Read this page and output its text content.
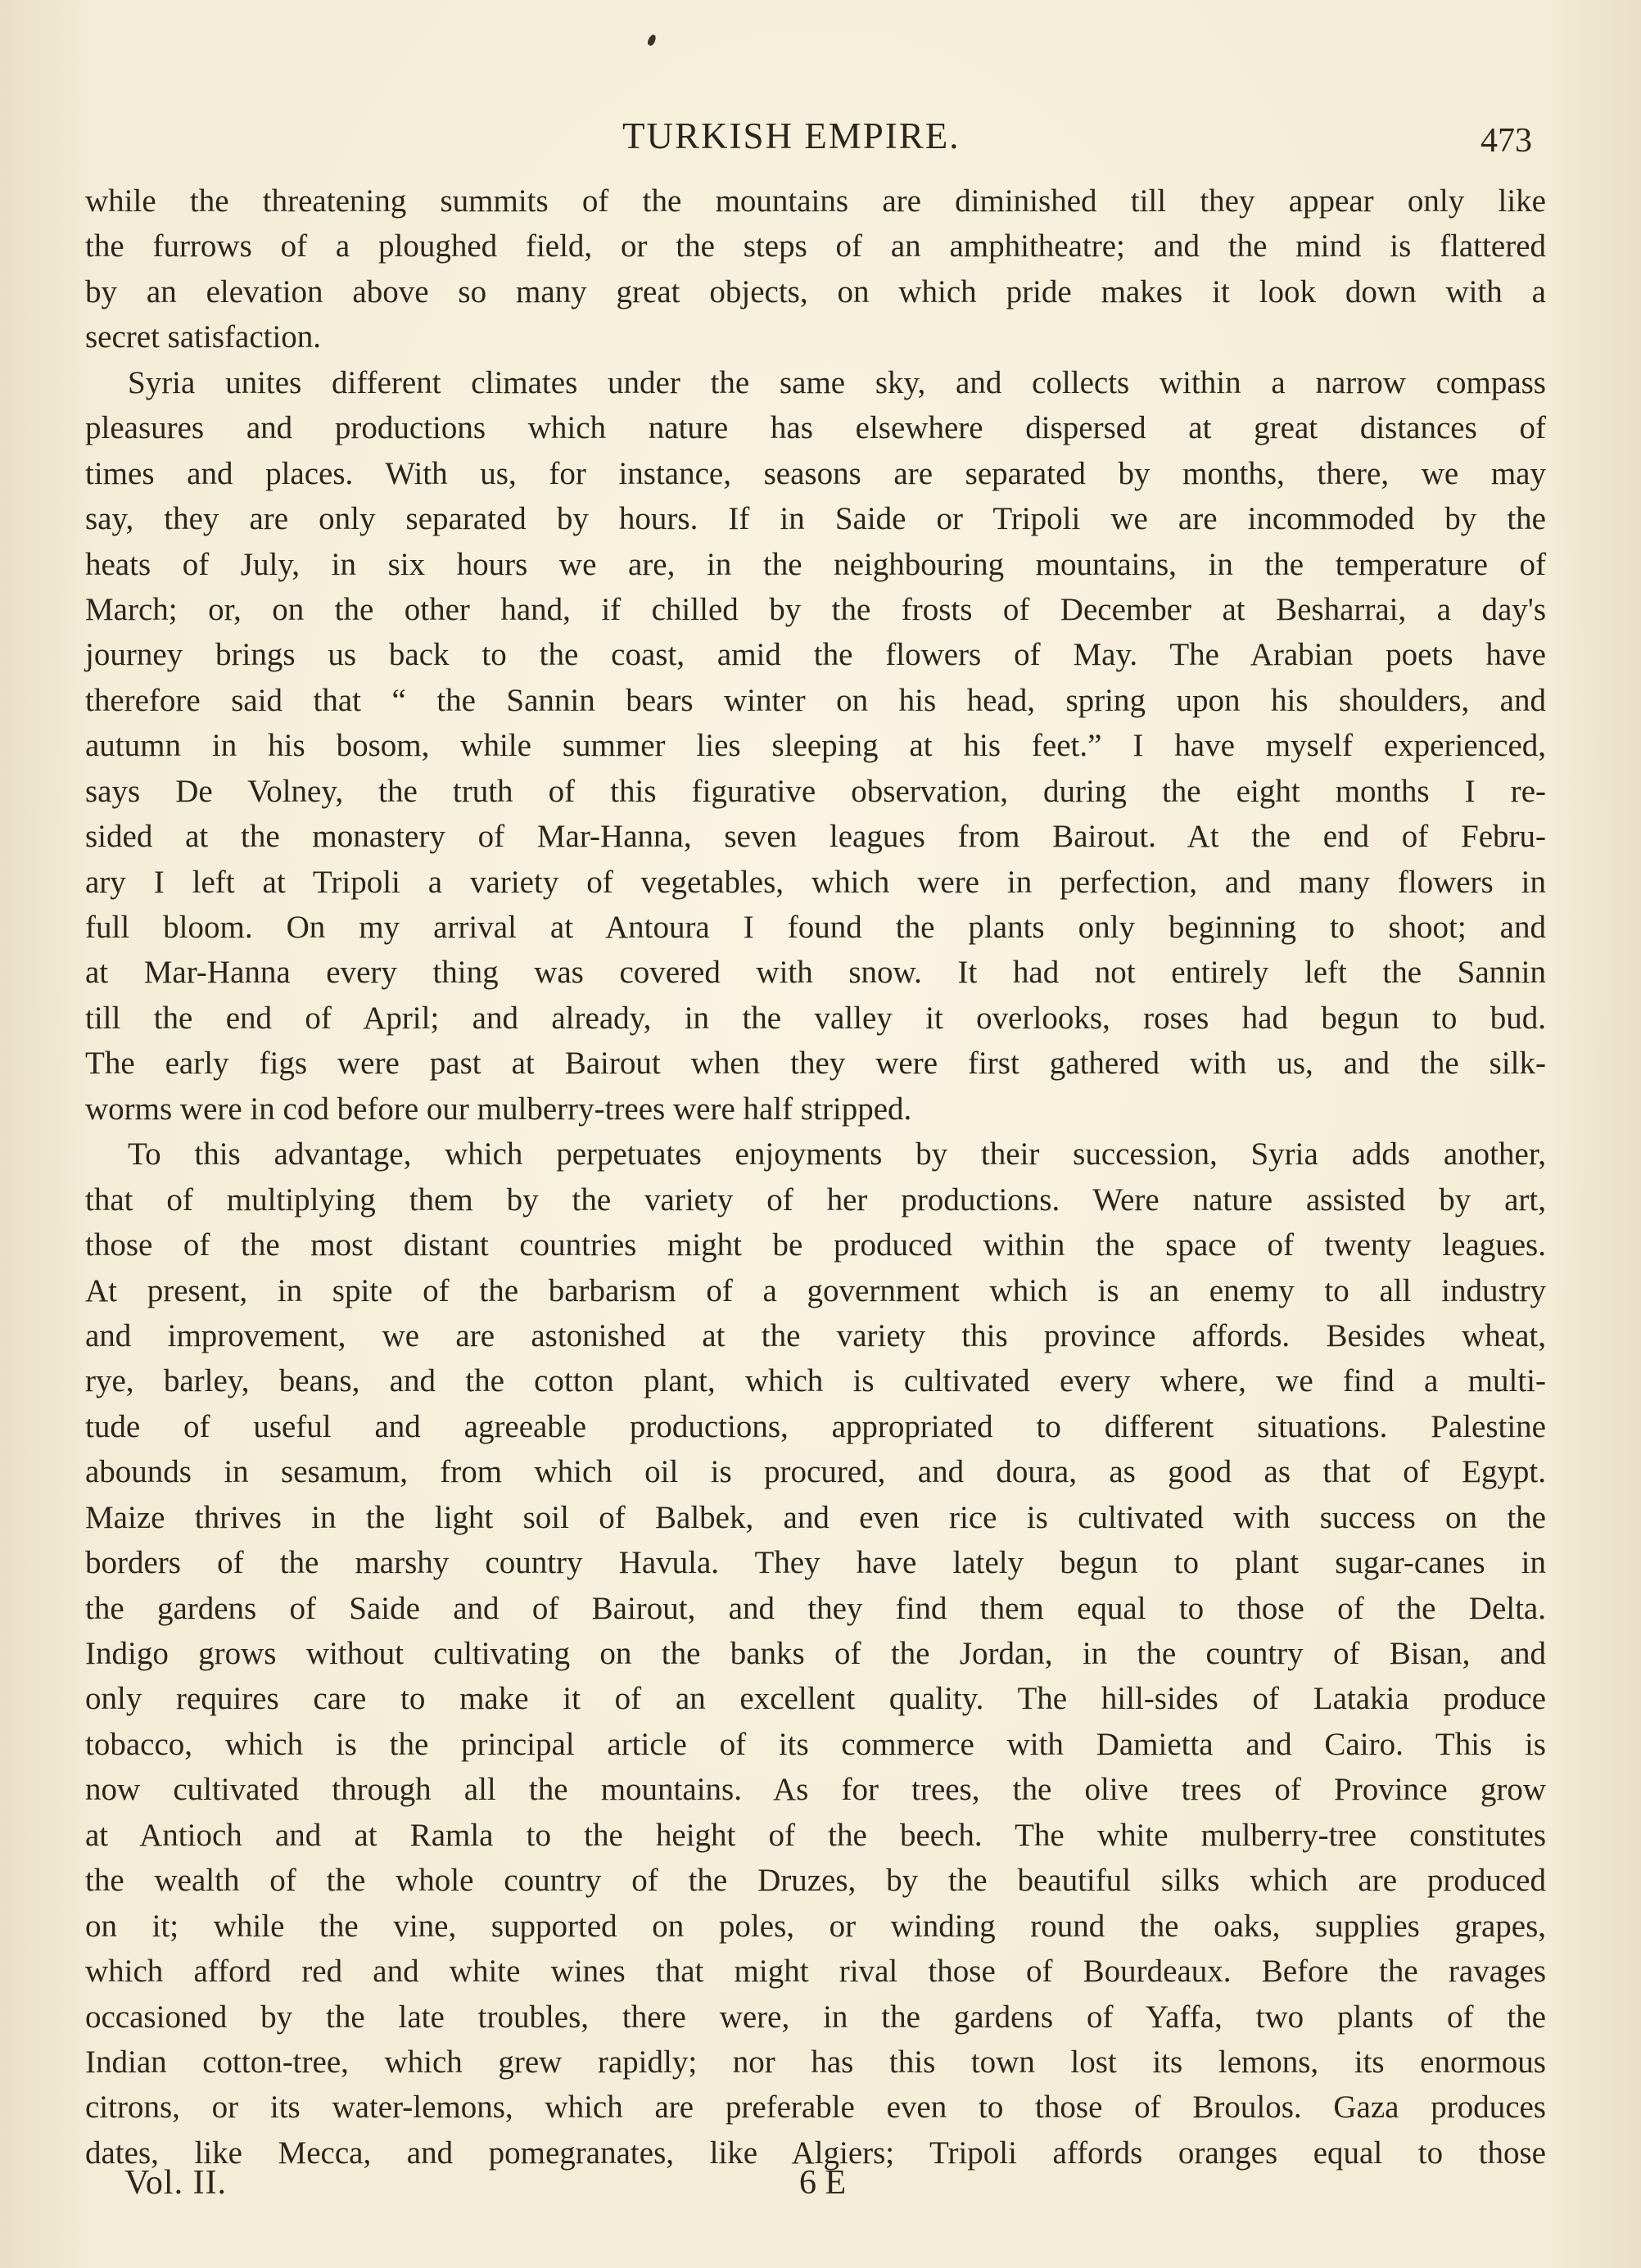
TURKISH EMPIRE.	473
while the threatening summits of the mountains are diminished till they appear only like
the furrows of a ploughed field, or the steps of an amphitheatre; and the mind is flattered
by an elevation above so many great objects, on which pride makes it look down with a
secret satisfaction.
Syria unites different climates under the same sky, and collects within a narrow compass
pleasures and productions which nature has elsewhere dispersed at great distances of
times and places. With us, for instance, seasons are separated by months, there, we may
say, they are only separated by hours. If in Saide or Tripoli we are incommoded by the
heats of July, in six hours we are, in the neighbouring mountains, in the temperature of
March; or, on the other hand, if chilled by the frosts of December at Besharrai, a day's
journey brings us back to the coast, amid the flowers of May. The Arabian poets have
therefore said that “ the Sannin bears winter on his head, spring upon his shoulders, and
autumn in his bosom, while summer lies sleeping at his feet.” I have myself experienced,
says De Volney, the truth of this figurative observation, during the eight months I re-
sided at the monastery of Mar-Hanna, seven leagues from Bairout. At the end of Febru-
ary I left at Tripoli a variety of vegetables, which were in perfection, and many flowers in
full bloom. On my arrival at Antoura I found the plants only beginning to shoot; and
at Mar-Hanna every thing was covered with snow. It had not entirely left the Sannin
till the end of April; and already, in the valley it overlooks, roses had begun to bud.
The early figs were past at Bairout when they were first gathered with us, and the silk-
worms were in cod before our mulberry-trees were half stripped.
To this advantage, which perpetuates enjoyments by their succession, Syria adds another,
that of multiplying them by the variety of her productions. Were nature assisted by art,
those of the most distant countries might be produced within the space of twenty leagues.
At present, in spite of the barbarism of a government which is an enemy to all industry
and improvement, we are astonished at the variety this province affords. Besides wheat,
rye, barley, beans, and the cotton plant, which is cultivated every where, we find a multi-
tude of useful and agreeable productions, appropriated to different situations. Palestine
abounds in sesamum, from which oil is procured, and doura, as good as that of Egypt.
Maize thrives in the light soil of Balbek, and even rice is cultivated with success on the
borders of the marshy country Havula. They have lately begun to plant sugar-canes in
the gardens of Saide and of Bairout, and they find them equal to those of the Delta.
Indigo grows without cultivating on the banks of the Jordan, in the country of Bisan, and
only requires care to make it of an excellent quality. The hill-sides of Latakia produce
tobacco, which is the principal article of its commerce with Damietta and Cairo. This is
now cultivated through all the mountains. As for trees, the olive trees of Province grow
at Antioch and at Ramla to the height of the beech. The white mulberry-tree constitutes
the wealth of the whole country of the Druzes, by the beautiful silks which are produced
on it; while the vine, supported on poles, or winding round the oaks, supplies grapes,
which afford red and white wines that might rival those of Bourdeaux. Before the ravages
occasioned by the late troubles, there were, in the gardens of Yaffa, two plants of the
Indian cotton-tree, which grew rapidly; nor has this town lost its lemons, its enormous
citrons, or its water-lemons, which are preferable even to those of Broulos. Gaza produces
dates, like Mecca, and pomegranates, like Algiers; Tripoli affords oranges equal to those
Vol. II.	6 E
